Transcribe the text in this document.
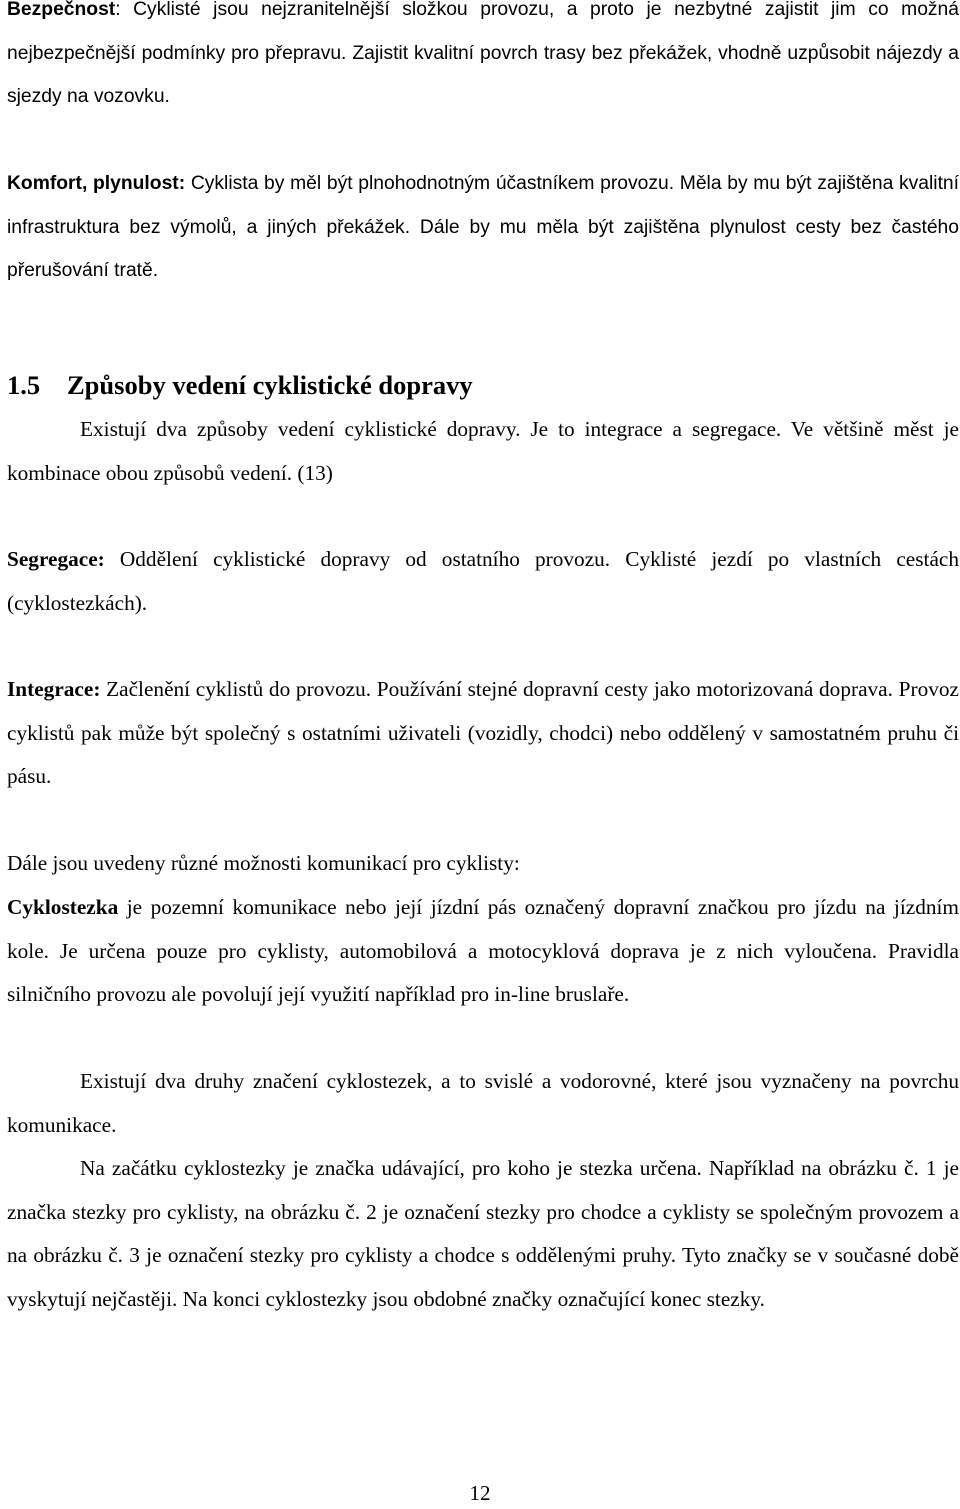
Bezpečnost: Cyklisté jsou nejzranitelnější složkou provozu, a proto je nezbytné zajistit jim co možná nejbezpečnější podmínky pro přepravu. Zajistit kvalitní povrch trasy bez překážek, vhodně uzpůsobit nájezdy a sjezdy na vozovku.

Komfort, plynulost: Cyklista by měl být plnohodnotným účastníkem provozu. Měla by mu být zajištěna kvalitní infrastruktura bez výmolů, a jiných překážek. Dále by mu měla být zajištěna plynulost cesty bez častého přerušování tratě.

1.5 Způsoby vedení cyklistické dopravy

Existují dva způsoby vedení cyklistické dopravy. Je to integrace a segregace. Ve většině měst je kombinace obou způsobů vedení. (13)

Segregace: Oddělení cyklistické dopravy od ostatního provozu. Cyklisté jezdí po vlastních cestách (cyklostezkách).

Integrace: Začlenění cyklistů do provozu. Používání stejné dopravní cesty jako motorizovaná doprava. Provoz cyklistů pak může být společný s ostatními uživateli (vozidly, chodci) nebo oddělený v samostatném pruhu či pásu.

Dále jsou uvedeny různé možnosti komunikací pro cyklisty:

Cyklostezka je pozemní komunikace nebo její jízdní pás označený dopravní značkou pro jízdu na jízdním kole. Je určena pouze pro cyklisty, automobilová a motocyklová doprava je z nich vyloučena. Pravidla silničního provozu ale povolují její využití například pro in-line bruslaře.

Existují dva druhy značení cyklostezek, a to svislé a vodorovné, které jsou vyznačeny na povrchu komunikace.

Na začátku cyklostezky je značka udávající, pro koho je stezka určena. Například na obrázku č. 1 je značka stezky pro cyklisty, na obrázku č. 2 je označení stezky pro chodce a cyklisty se společným provozem a na obrázku č. 3 je označení stezky pro cyklisty a chodce s oddělenými pruhy. Tyto značky se v současné době vyskytují nejčastěji. Na konci cyklostezky jsou obdobné značky označující konec stezky.

12
